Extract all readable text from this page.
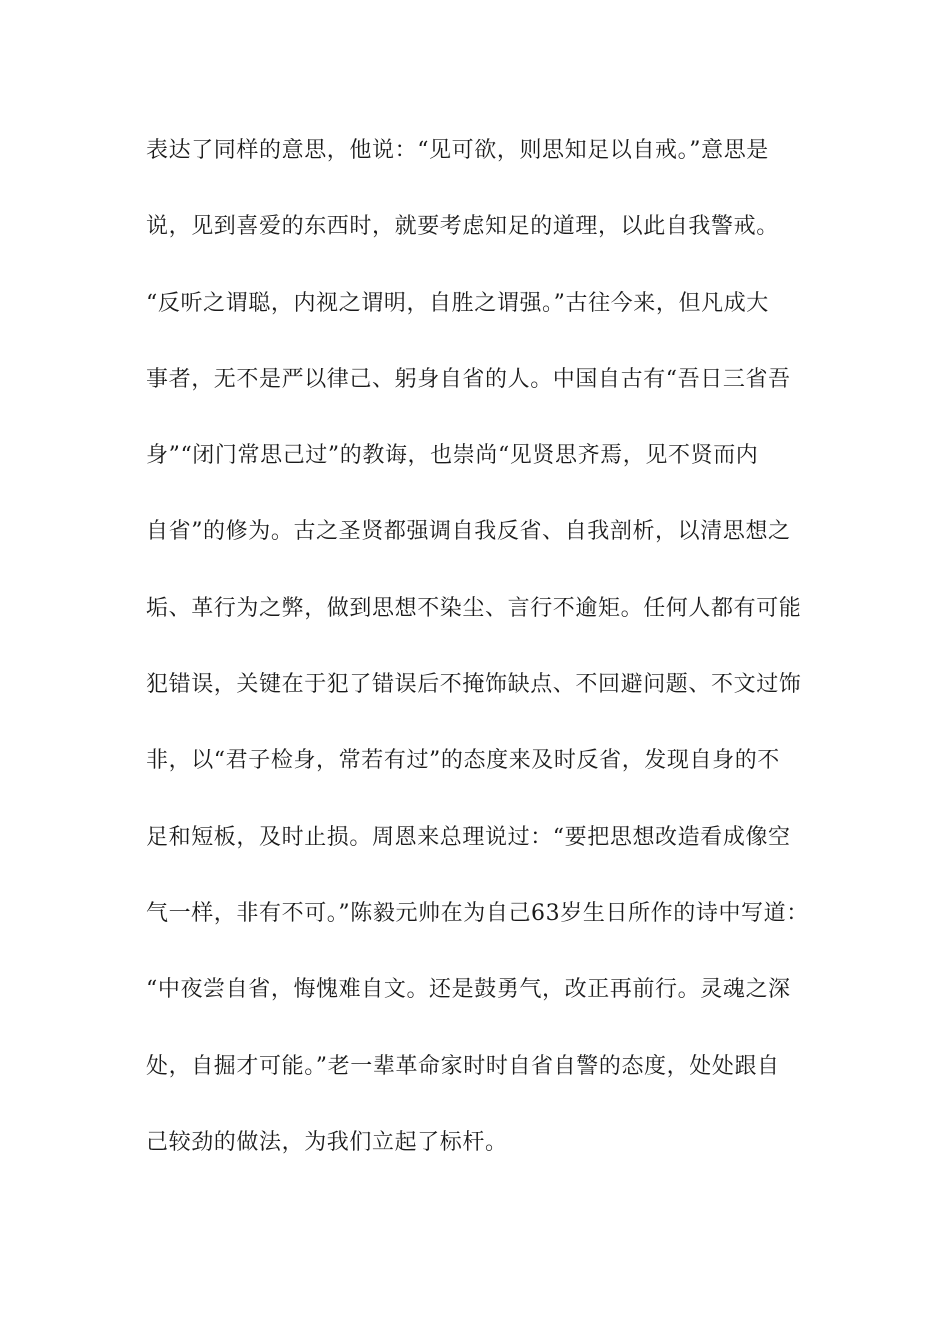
表达了同样的意思，他说：“见可欲，则思知足以自戒。”意思是
说，见到喜爱的东西时，就要考虑知足的道理，以此自我警戒。
“反听之谓聪，内视之谓明，自胜之谓强。”古往今来，但凡成大
事者，无不是严以律己、躬身自省的人。中国自古有“吾日三省吾
身”“闭门常思己过”的教诲，也崇尚“见贤思齐焉，见不贤而内
自省”的修为。古之圣贤都强调自我反省、自我剖析，以清思想之
垢、革行为之弊，做到思想不染尘、言行不逾矩。任何人都有可能
犯错误，关键在于犯了错误后不掩饰缺点、不回避问题、不文过饰
非，以“君子检身，常若有过”的态度来及时反省，发现自身的不
足和短板，及时止损。周恩来总理说过：“要把思想改造看成像空
气一样，非有不可。”陈毅元帅在为自己63岁生日所作的诗中写道：
“中夜尝自省，悔愧难自文。还是鼓勇气，改正再前行。灵魂之深
处，自掘才可能。”老一辈革命家时时自省自警的态度，处处跟自
己较劲的做法，为我们立起了标杆。
